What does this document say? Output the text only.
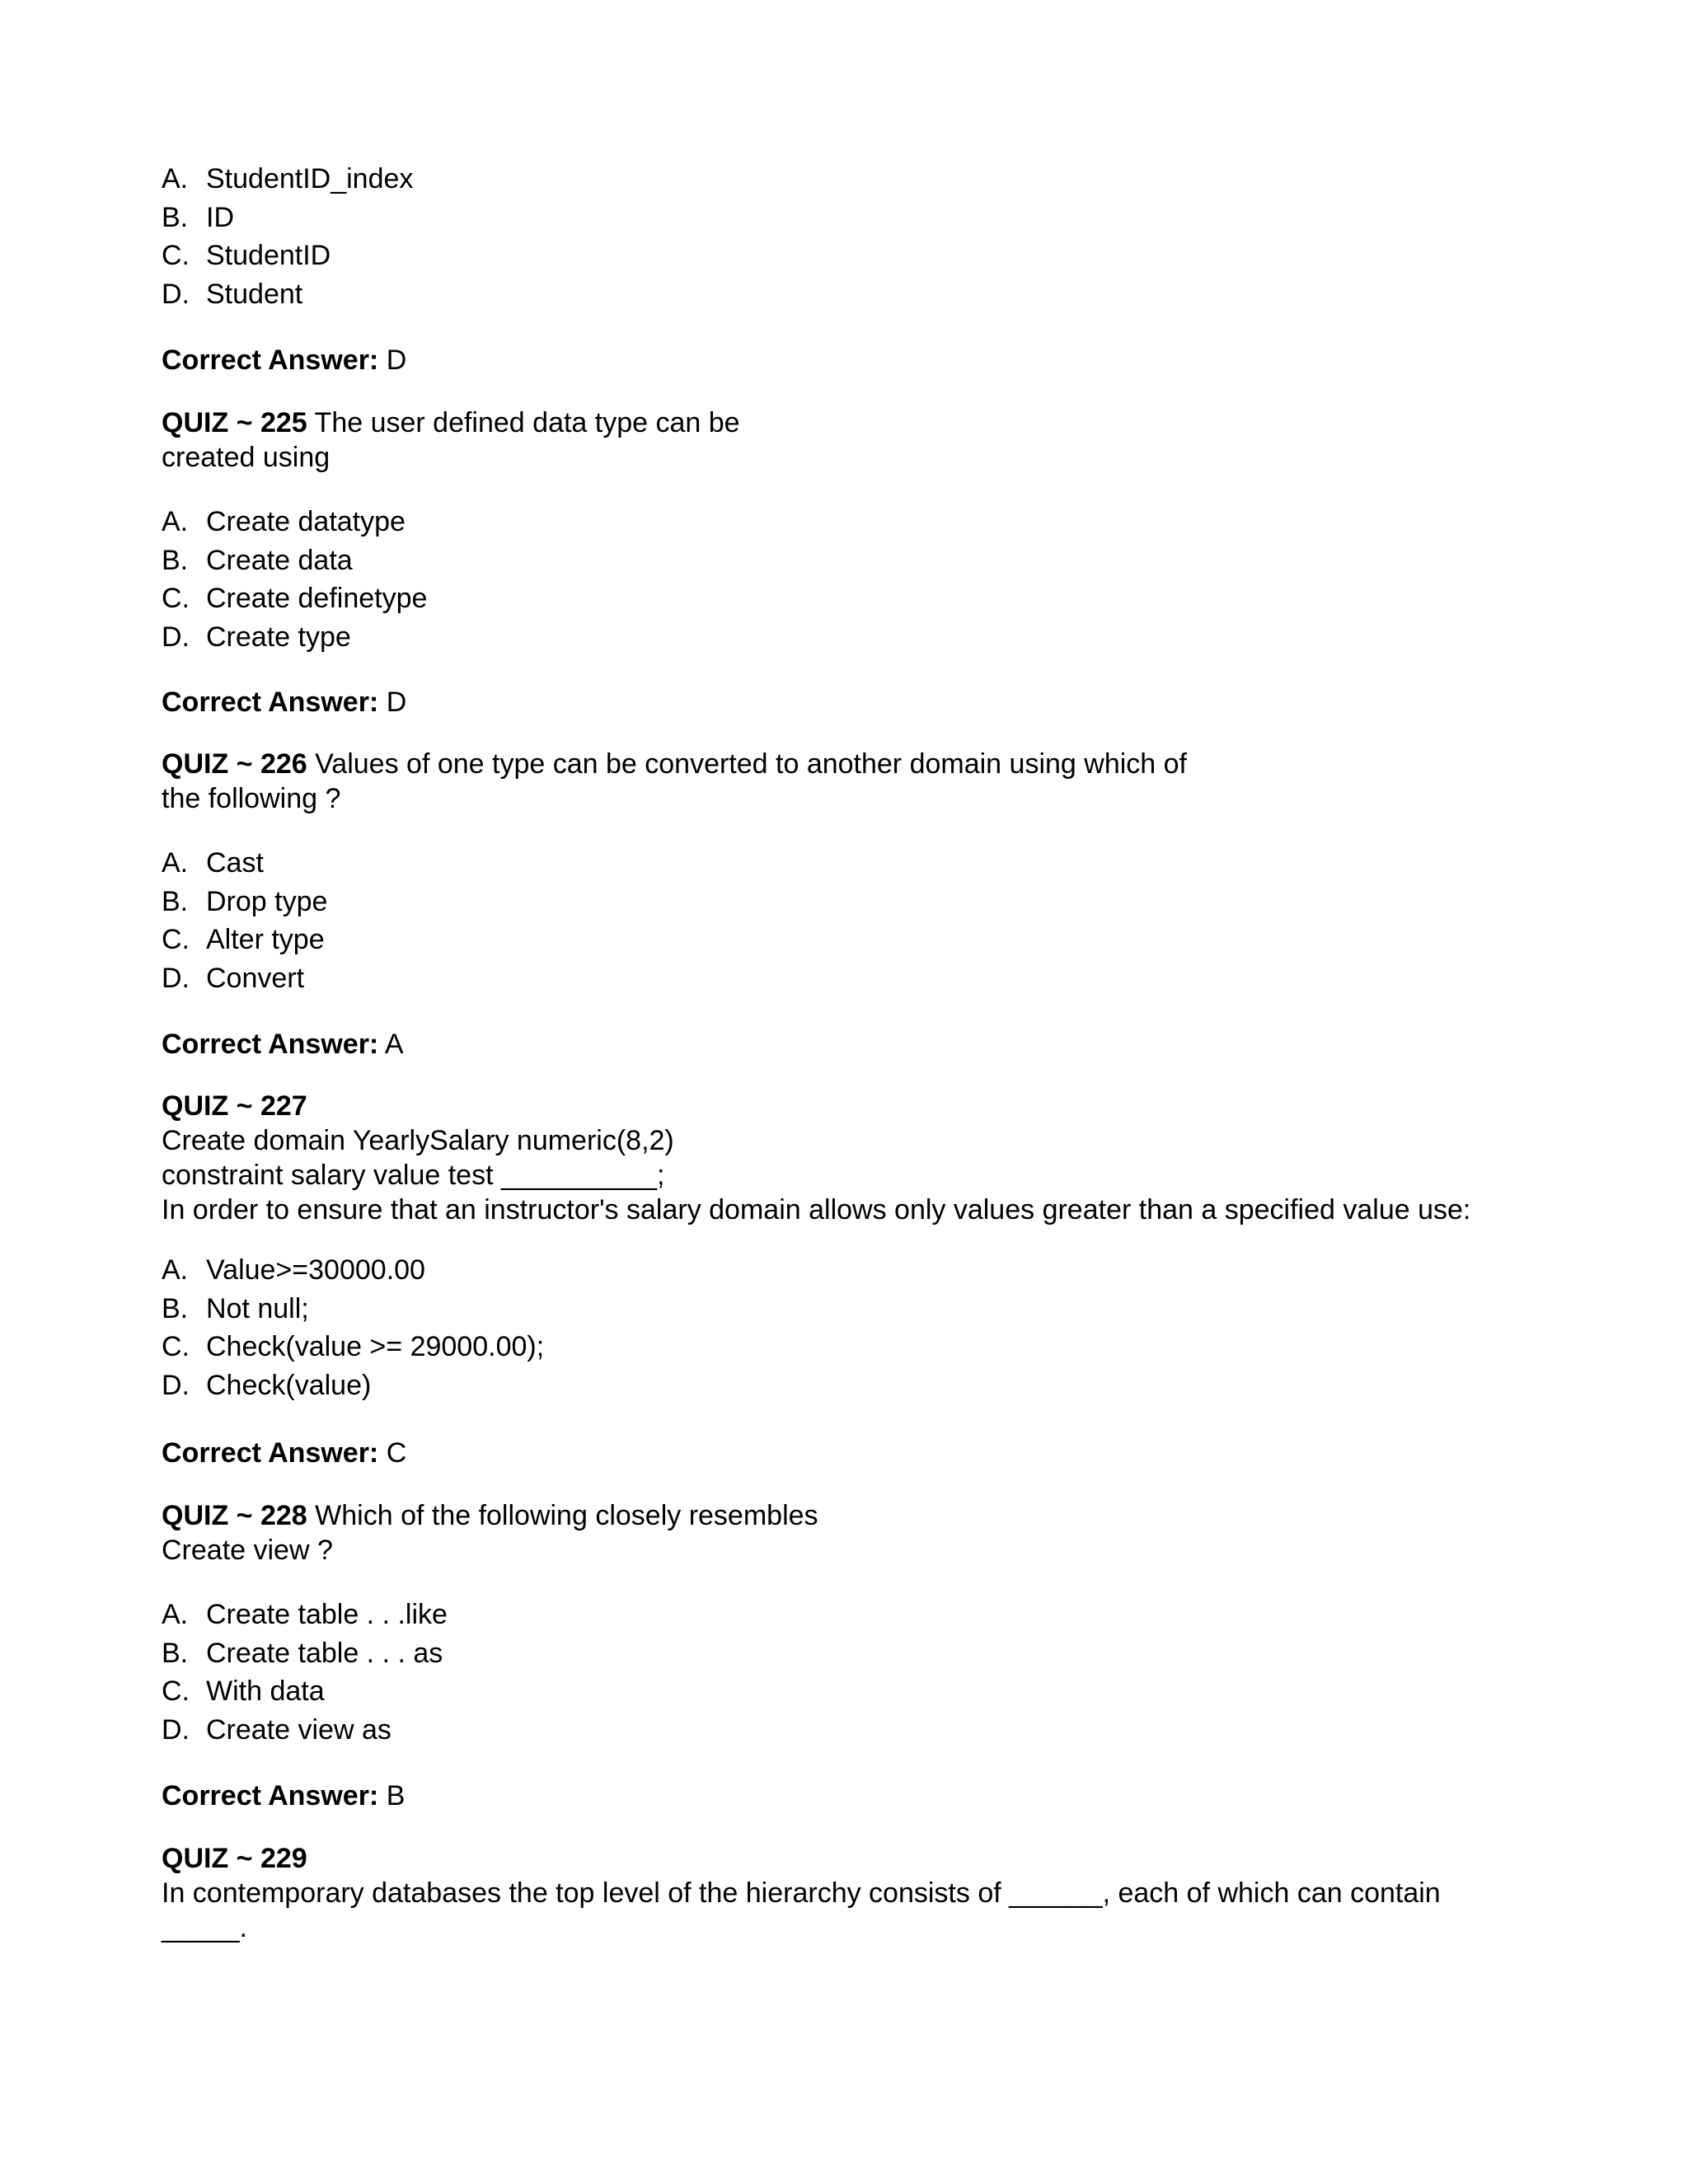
A. StudentID_index
B. ID
C. StudentID
D. Student
Correct Answer: D
QUIZ ~ 225 The user defined data type can be
created using
A. Create datatype
B. Create data
C. Create definetype
D. Create type
Correct Answer: D
QUIZ ~ 226 Values of one type can be converted to another domain using which of
the following ?
A. Cast
B. Drop type
C. Alter type
D. Convert
Correct Answer: A
QUIZ ~ 227
Create domain YearlySalary numeric(8,2)
constraint salary value test __________;
In order to ensure that an instructor's salary domain allows only values greater than a specified value use:
A. Value>=30000.00
B. Not null;
C. Check(value >= 29000.00);
D. Check(value)
Correct Answer: C
QUIZ ~ 228 Which of the following closely resembles
Create view ?
A. Create table . . .like
B. Create table . . . as
C. With data
D. Create view as
Correct Answer: B
QUIZ ~ 229
In contemporary databases the top level of the hierarchy consists of ______, each of which can contain
_____.
